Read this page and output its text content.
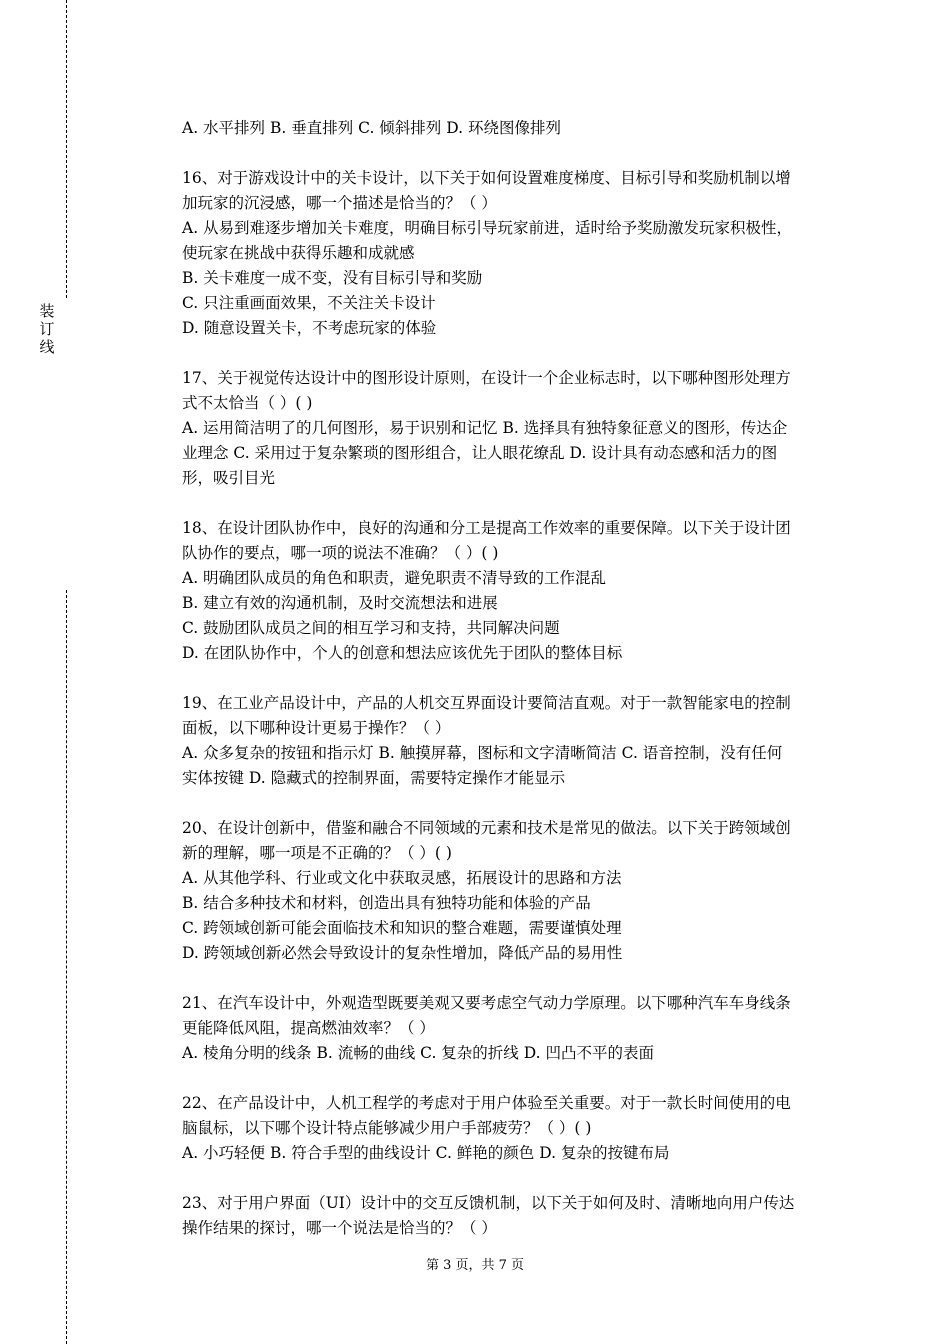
装
订
线
A. 水平排列 B. 垂直排列 C. 倾斜排列 D. 环绕图像排列
16、对于游戏设计中的关卡设计，以下关于如何设置难度梯度、目标引导和奖励机制以增
加玩家的沉浸感，哪一个描述是恰当的？（ ）
A. 从易到难逐步增加关卡难度，明确目标引导玩家前进，适时给予奖励激发玩家积极性，
使玩家在挑战中获得乐趣和成就感
B. 关卡难度一成不变，没有目标引导和奖励
C. 只注重画面效果，不关注关卡设计
D. 随意设置关卡，不考虑玩家的体验
17、关于视觉传达设计中的图形设计原则，在设计一个企业标志时，以下哪种图形处理方
式不太恰当（ ）( )
A. 运用简洁明了的几何图形，易于识别和记忆 B. 选择具有独特象征意义的图形，传达企
业理念 C. 采用过于复杂繁琐的图形组合，让人眼花缭乱 D. 设计具有动态感和活力的图
形，吸引目光
18、在设计团队协作中，良好的沟通和分工是提高工作效率的重要保障。以下关于设计团
队协作的要点，哪一项的说法不准确？（ ）( )
A. 明确团队成员的角色和职责，避免职责不清导致的工作混乱
B. 建立有效的沟通机制，及时交流想法和进展
C. 鼓励团队成员之间的相互学习和支持，共同解决问题
D. 在团队协作中，个人的创意和想法应该优先于团队的整体目标
19、在工业产品设计中，产品的人机交互界面设计要简洁直观。对于一款智能家电的控制
面板，以下哪种设计更易于操作？（ ）
A. 众多复杂的按钮和指示灯 B. 触摸屏幕，图标和文字清晰简洁 C. 语音控制，没有任何
实体按键 D. 隐藏式的控制界面，需要特定操作才能显示
20、在设计创新中，借鉴和融合不同领域的元素和技术是常见的做法。以下关于跨领域创
新的理解，哪一项是不正确的？（ ）( )
A. 从其他学科、行业或文化中获取灵感，拓展设计的思路和方法
B. 结合多种技术和材料，创造出具有独特功能和体验的产品
C. 跨领域创新可能会面临技术和知识的整合难题，需要谨慎处理
D. 跨领域创新必然会导致设计的复杂性增加，降低产品的易用性
21、在汽车设计中，外观造型既要美观又要考虑空气动力学原理。以下哪种汽车车身线条
更能降低风阻，提高燃油效率？（ ）
A. 棱角分明的线条 B. 流畅的曲线 C. 复杂的折线 D. 凹凸不平的表面
22、在产品设计中，人机工程学的考虑对于用户体验至关重要。对于一款长时间使用的电
脑鼠标，以下哪个设计特点能够减少用户手部疲劳？（ ）( )
A. 小巧轻便 B. 符合手型的曲线设计 C. 鲜艳的颜色 D. 复杂的按键布局
23、对于用户界面（UI）设计中的交互反馈机制，以下关于如何及时、清晰地向用户传达
操作结果的探讨，哪一个说法是恰当的？（ ）
第 3 页，共 7 页
